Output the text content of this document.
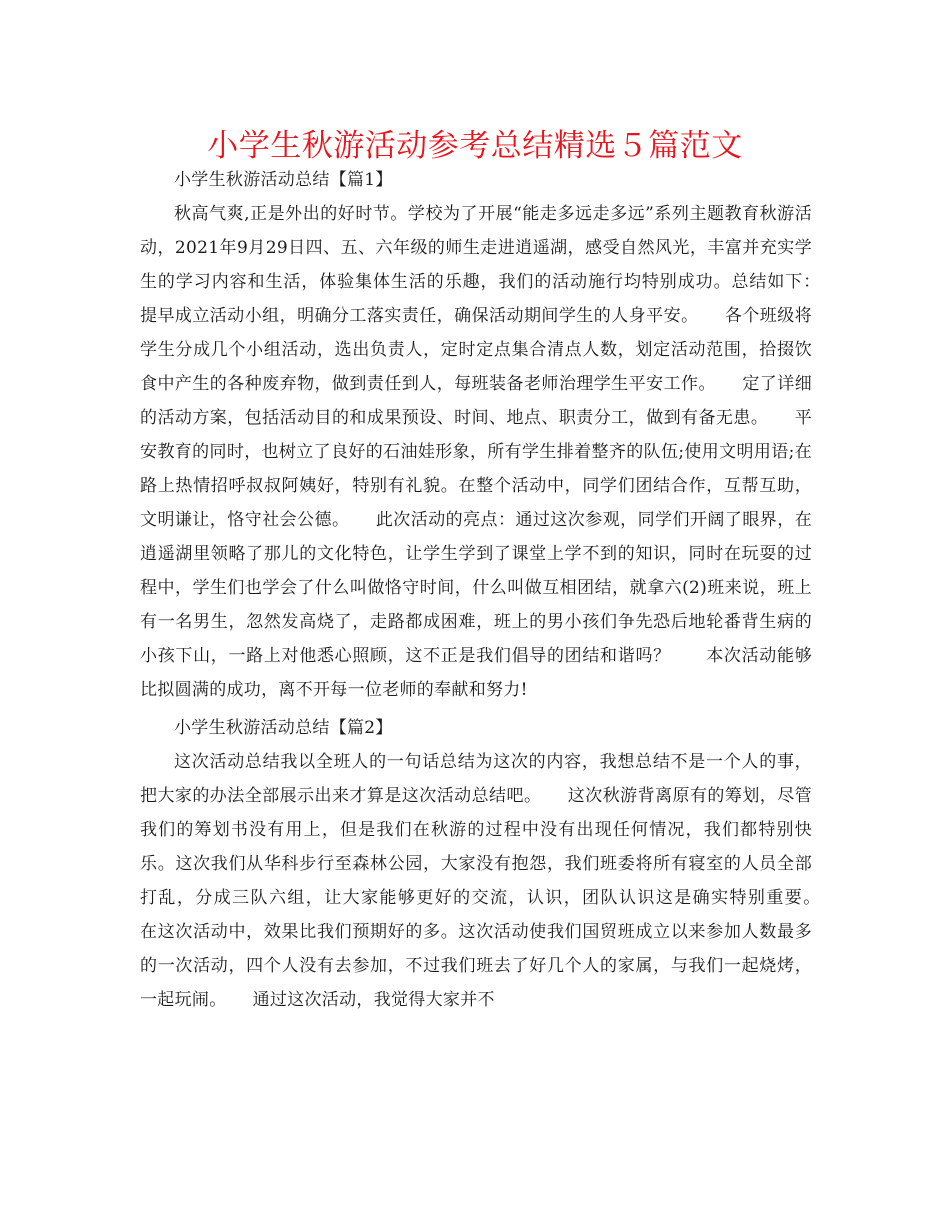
小学生秋游活动参考总结精选５篇范文

小学生秋游活动总结【篇1】

秋高气爽,正是外出的好时节。学校为了开展“能走多远走多远”系列主题教育秋游活动，2021年9月29日四、五、六年级的师生走进逍遥湖，感受自然风光，丰富并充实学生的学习内容和生活，体验集体生活的乐趣，我们的活动施行均特别成功。总结如下：　　提早成立活动小组，明确分工落实责任，确保活动期间学生的人身平安。　　各个班级将学生分成几个小组活动，选出负责人，定时定点集合清点人数，划定活动范围，拾掇饮食中产生的各种废弃物，做到责任到人，每班装备老师治理学生平安工作。　　定了详细的活动方案，包括活动目的和成果预设、时间、地点、职责分工，做到有备无患。　　平安教育的同时，也树立了良好的石油娃形象，所有学生排着整齐的队伍;使用文明用语;在路上热情招呼叔叔阿姨好，特别有礼貌。在整个活动中，同学们团结合作，互帮互助，文明谦让，恪守社会公德。　　此次活动的亮点：通过这次参观，同学们开阔了眼界，在逍遥湖里领略了那儿的文化特色，让学生学到了课堂上学不到的知识，同时在玩耍的过程中，学生们也学会了什么叫做恪守时间，什么叫做互相团结，就拿六(2)班来说，班上有一名男生，忽然发高烧了，走路都成困难，班上的男小孩们争先恐后地轮番背生病的小孩下山，一路上对他悉心照顾，这不正是我们倡导的团结和谐吗？　　本次活动能够比拟圆满的成功，离不开每一位老师的奉献和努力!

小学生秋游活动总结【篇2】

这次活动总结我以全班人的一句话总结为这次的内容，我想总结不是一个人的事，把大家的办法全部展示出来才算是这次活动总结吧。　　这次秋游背离原有的筹划，尽管我们的筹划书没有用上，但是我们在秋游的过程中没有出现任何情况，我们都特别快乐。这次我们从华科步行至森林公园，大家没有抱怨，我们班委将所有寝室的人员全部打乱，分成三队六组，让大家能够更好的交流，认识，团队认识这是确实特别重要。　　在这次活动中，效果比我们预期好的多。这次活动使我们国贸班成立以来参加人数最多的一次活动，四个人没有去参加，不过我们班去了好几个人的家属，与我们一起烧烤，一起玩闹。　　通过这次活动，我觉得大家并不
